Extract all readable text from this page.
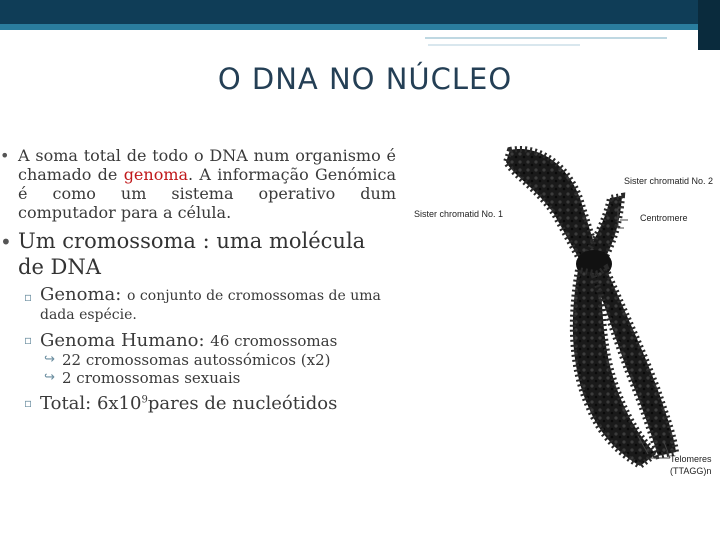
O DNA NO NÚCLEO
• A soma total de todo o DNA num organismo é chamado de genoma. A informação Genómica é como um sistema operativo dum computador para a célula.
• Um cromossoma : uma molécula de DNA
▫ Genoma: o conjunto de cromossomas de uma dada espécie.
▫ Genoma Humano: 46 cromossomas
↪ 22 cromossomas autossómicos (x2)
↪ 2 cromossomas sexuais
▫ Total: $6x10^9pares$ de nucleótidos
Sister chromatid No. 2
Sister chromatid No. 1	Centromere
Telomeres
(TTAGG)n
